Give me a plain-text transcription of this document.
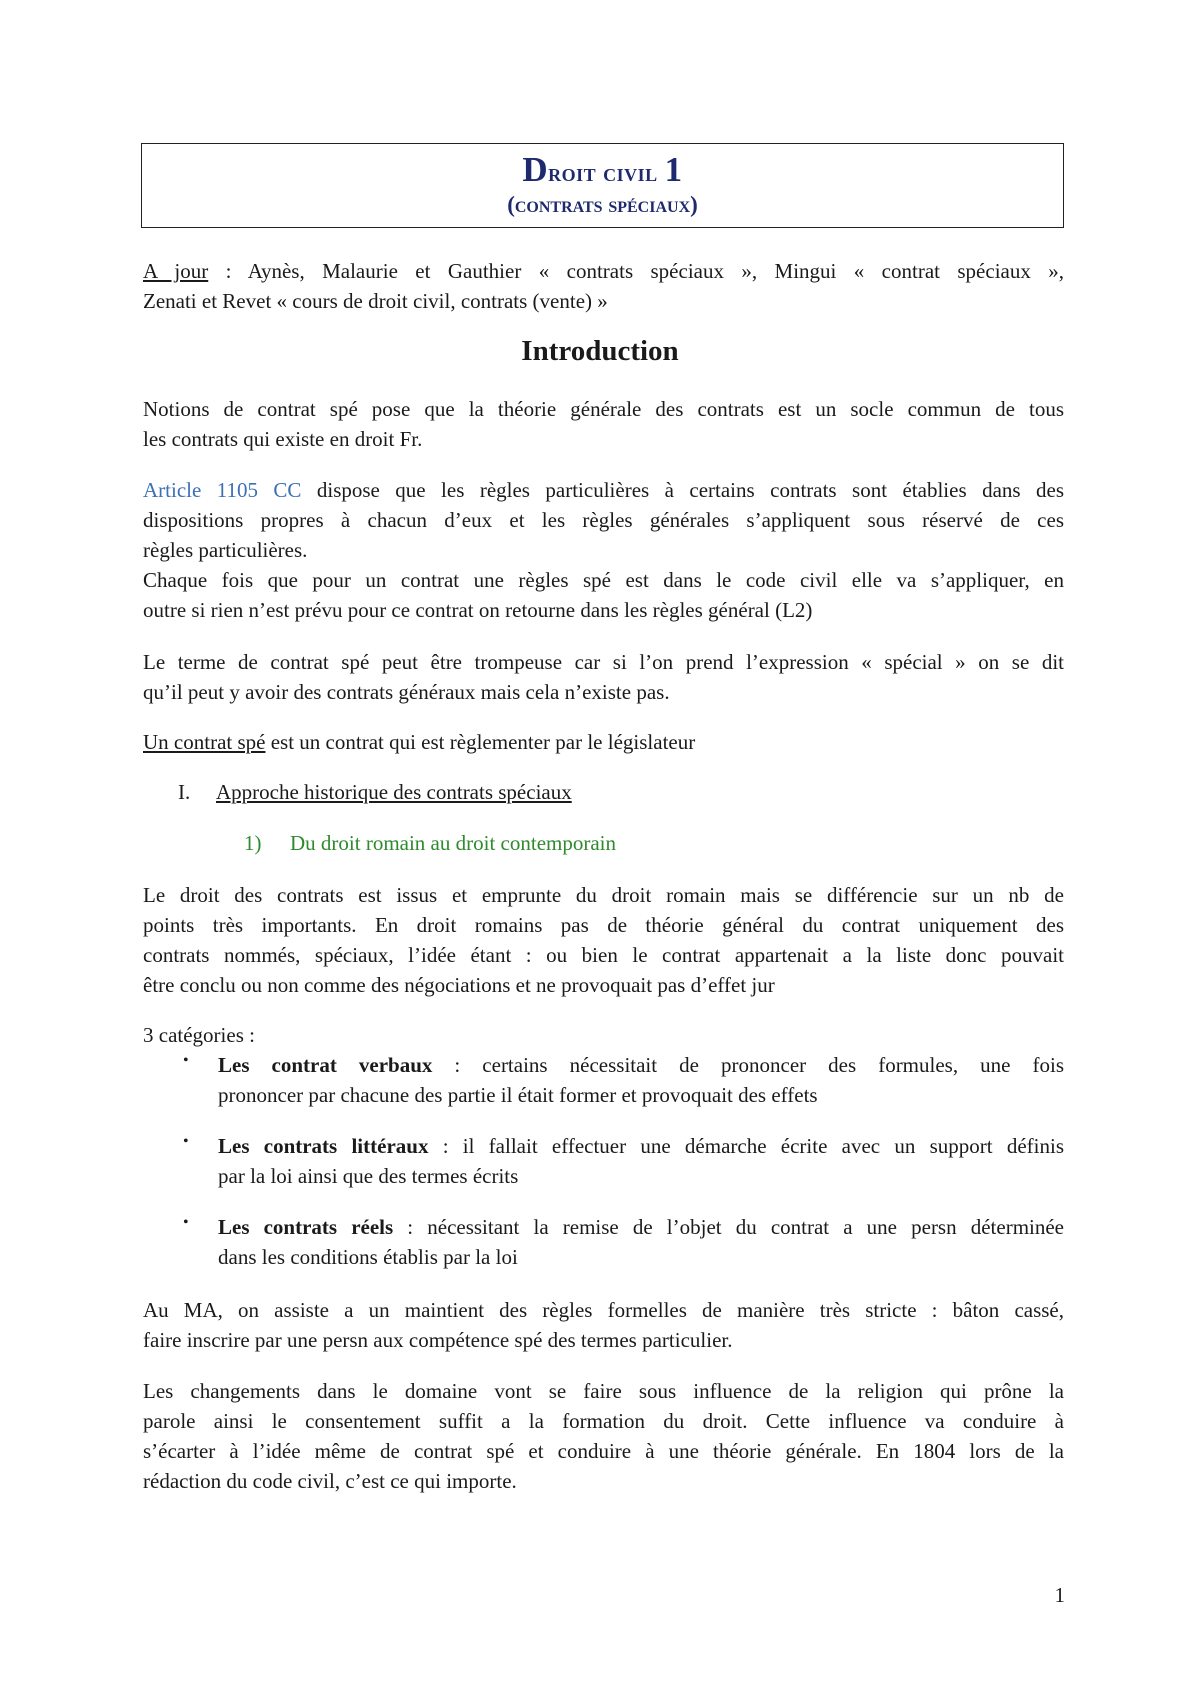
Droit civil 1
(contrats spéciaux)
A jour : Aynès, Malaurie et Gauthier « contrats spéciaux », Mingui « contrat spéciaux »,
Zenati et Revet « cours de droit civil, contrats (vente) »
Introduction
Notions de contrat spé pose que la théorie générale des contrats est un socle commun de tous
les contrats qui existe en droit Fr.
Article 1105 CC dispose que les règles particulières à certains contrats sont établies dans des
dispositions propres à chacun d’eux et les règles générales s’appliquent sous réservé de ces
règles particulières.
Chaque fois que pour un contrat une règles spé est dans le code civil elle va s’appliquer, en
outre si rien n’est prévu pour ce contrat on retourne dans les règles général (L2)
Le terme de contrat spé peut être trompeuse car si l’on prend l’expression « spécial » on se dit
qu’il peut y avoir des contrats généraux mais cela n’existe pas.
Un contrat spé est un contrat qui est règlementer par le législateur
I. Approche historique des contrats spéciaux
1) Du droit romain au droit contemporain
Le droit des contrats est issus et emprunte du droit romain mais se différencie sur un nb de
points très importants. En droit romains pas de théorie général du contrat uniquement des
contrats nommés, spéciaux, l’idée étant : ou bien le contrat appartenait a la liste donc pouvait
être conclu ou non comme des négociations et ne provoquait pas d’effet jur
3 catégories :
• Les contrat verbaux : certains nécessitait de prononcer des formules, une fois
prononcer par chacune des partie il était former et provoquait des effets
• Les contrats littéraux : il fallait effectuer une démarche écrite avec un support définis
par la loi ainsi que des termes écrits
• Les contrats réels : nécessitant la remise de l’objet du contrat a une persn déterminée
dans les conditions établis par la loi
Au MA, on assiste a un maintient des règles formelles de manière très stricte : bâton cassé,
faire inscrire par une persn aux compétence spé des termes particulier.
Les changements dans le domaine vont se faire sous influence de la religion qui prône la
parole ainsi le consentement suffit a la formation du droit. Cette influence va conduire à
s’écarter à l’idée même de contrat spé et conduire à une théorie générale. En 1804 lors de la
rédaction du code civil, c’est ce qui importe.
1
